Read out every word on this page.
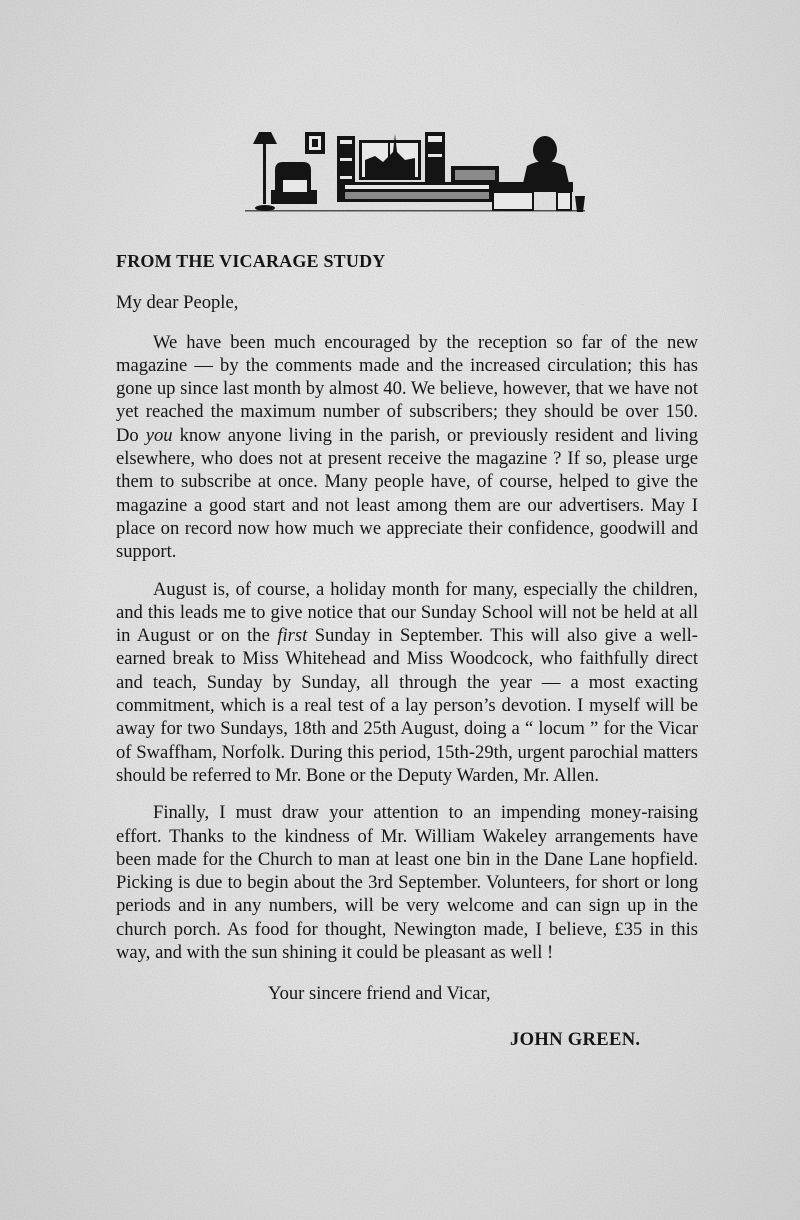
FROM THE VICARAGE STUDY
My dear People,

We have been much encouraged by the reception so far of the new magazine — by the comments made and the increased circulation; this has gone up since last month by almost 40. We believe, however, that we have not yet reached the maximum number of subscribers; they should be over 150. Do you know anyone living in the parish, or previously resident and living elsewhere, who does not at present receive the magazine ? If so, please urge them to subscribe at once. Many people have, of course, helped to give the magazine a good start and not least among them are our advertisers. May I place on record now how much we appreciate their confidence, goodwill and support.

August is, of course, a holiday month for many, especially the children, and this leads me to give notice that our Sunday School will not be held at all in August or on the first Sunday in September. This will also give a well-earned break to Miss Whitehead and Miss Woodcock, who faithfully direct and teach, Sunday by Sunday, all through the year — a most exacting commitment, which is a real test of a lay person’s devotion. I myself will be away for two Sundays, 18th and 25th August, doing a “ locum ” for the Vicar of Swaffham, Norfolk. During this period, 15th-29th, urgent parochial matters should be referred to Mr. Bone or the Deputy Warden, Mr. Allen.

Finally, I must draw your attention to an impending money-raising effort. Thanks to the kindness of Mr. William Wakeley arrangements have been made for the Church to man at least one bin in the Dane Lane hopfield. Picking is due to begin about the 3rd September. Volunteers, for short or long periods and in any numbers, will be very welcome and can sign up in the church porch. As food for thought, Newington made, I believe, £35 in this way, and with the sun shining it could be pleasant as well !

Your sincere friend and Vicar,
JOHN GREEN.
